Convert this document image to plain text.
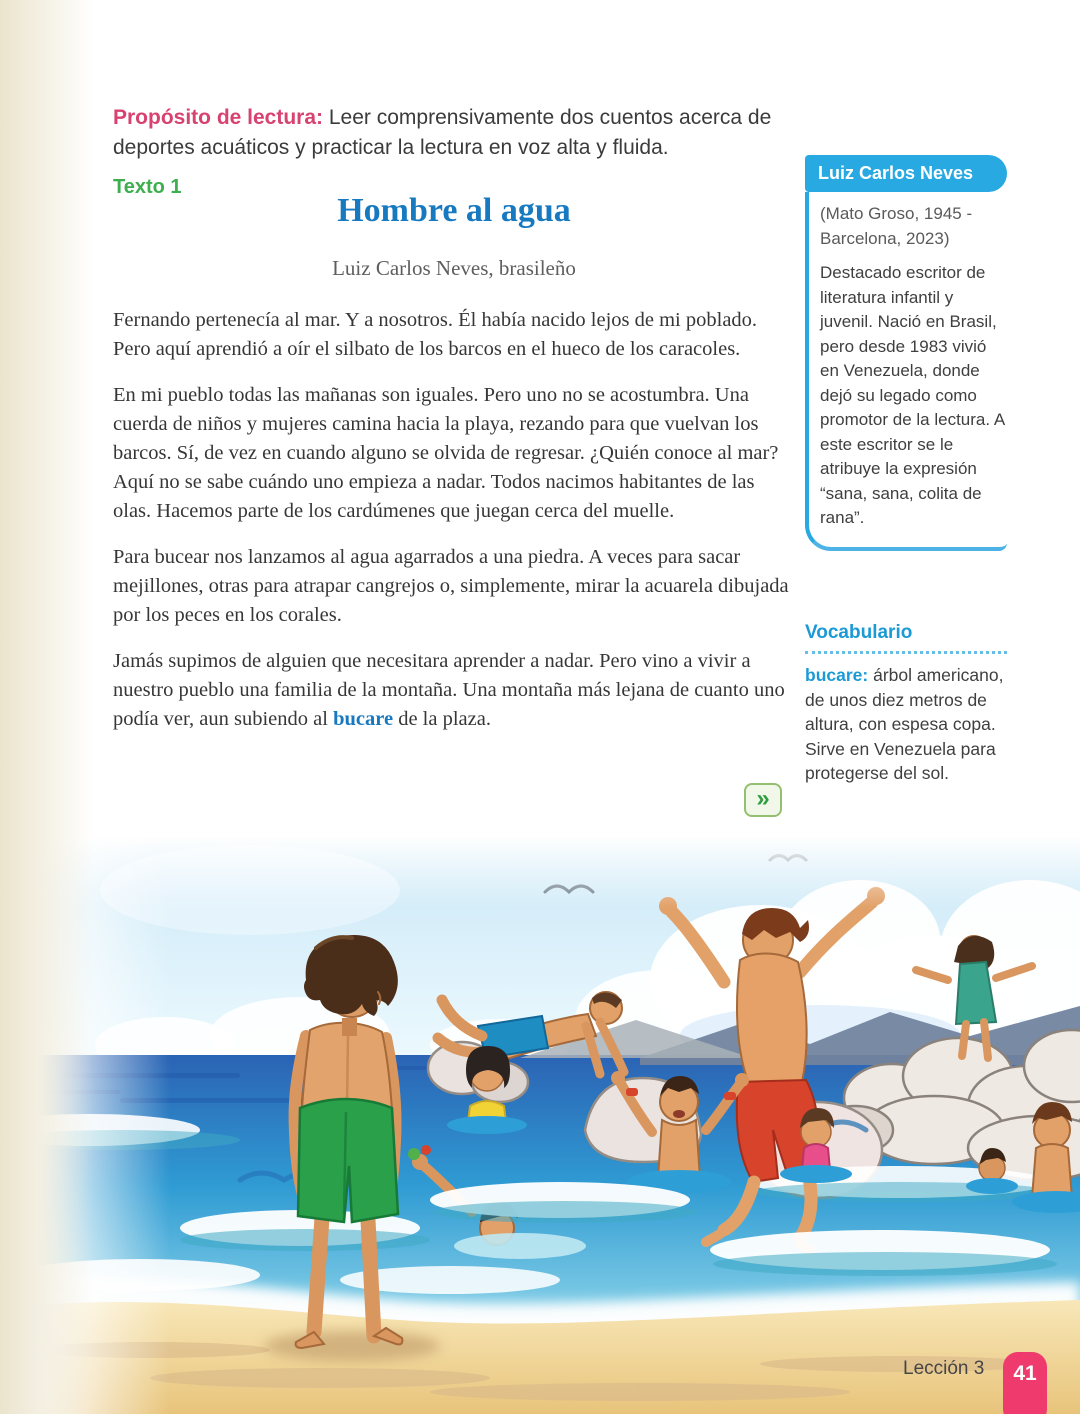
Propósito de lectura: Leer comprensivamente dos cuentos acerca de deportes acuáticos y practicar la lectura en voz alta y fluida.

Texto 1
Hombre al agua
Luiz Carlos Neves, brasileño

Fernando pertenecía al mar. Y a nosotros. Él había nacido lejos de mi poblado. Pero aquí aprendió a oír el silbato de los barcos en el hueco de los caracoles.

En mi pueblo todas las mañanas son iguales. Pero uno no se acostumbra. Una cuerda de niños y mujeres camina hacia la playa, rezando para que vuelvan los barcos. Sí, de vez en cuando alguno se olvida de regresar. ¿Quién conoce al mar? Aquí no se sabe cuándo uno empieza a nadar. Todos nacimos habitantes de las olas. Hacemos parte de los cardúmenes que juegan cerca del muelle.

Para bucear nos lanzamos al agua agarrados a una piedra. A veces para sacar mejillones, otras para atrapar cangrejos o, simplemente, mirar la acuarela dibujada por los peces en los corales.

Jamás supimos de alguien que necesitara aprender a nadar. Pero vino a vivir a nuestro pueblo una familia de la montaña. Una montaña más lejana de cuanto uno podía ver, aun subiendo al bucare de la plaza.

»
Luiz Carlos Neves

(Mato Groso, 1945 - Barcelona, 2023)

Destacado escritor de literatura infantil y juvenil. Nació en Brasil, pero desde 1983 vivió en Venezuela, donde dejó su legado como promotor de la lectura. A este escritor se le atribuye la expresión “sana, sana, colita de rana”.

Vocabulario

bucare: árbol americano, de unos diez metros de altura, con espesa copa. Sirve en Venezuela para protegerse del sol.

Lección 3	41
